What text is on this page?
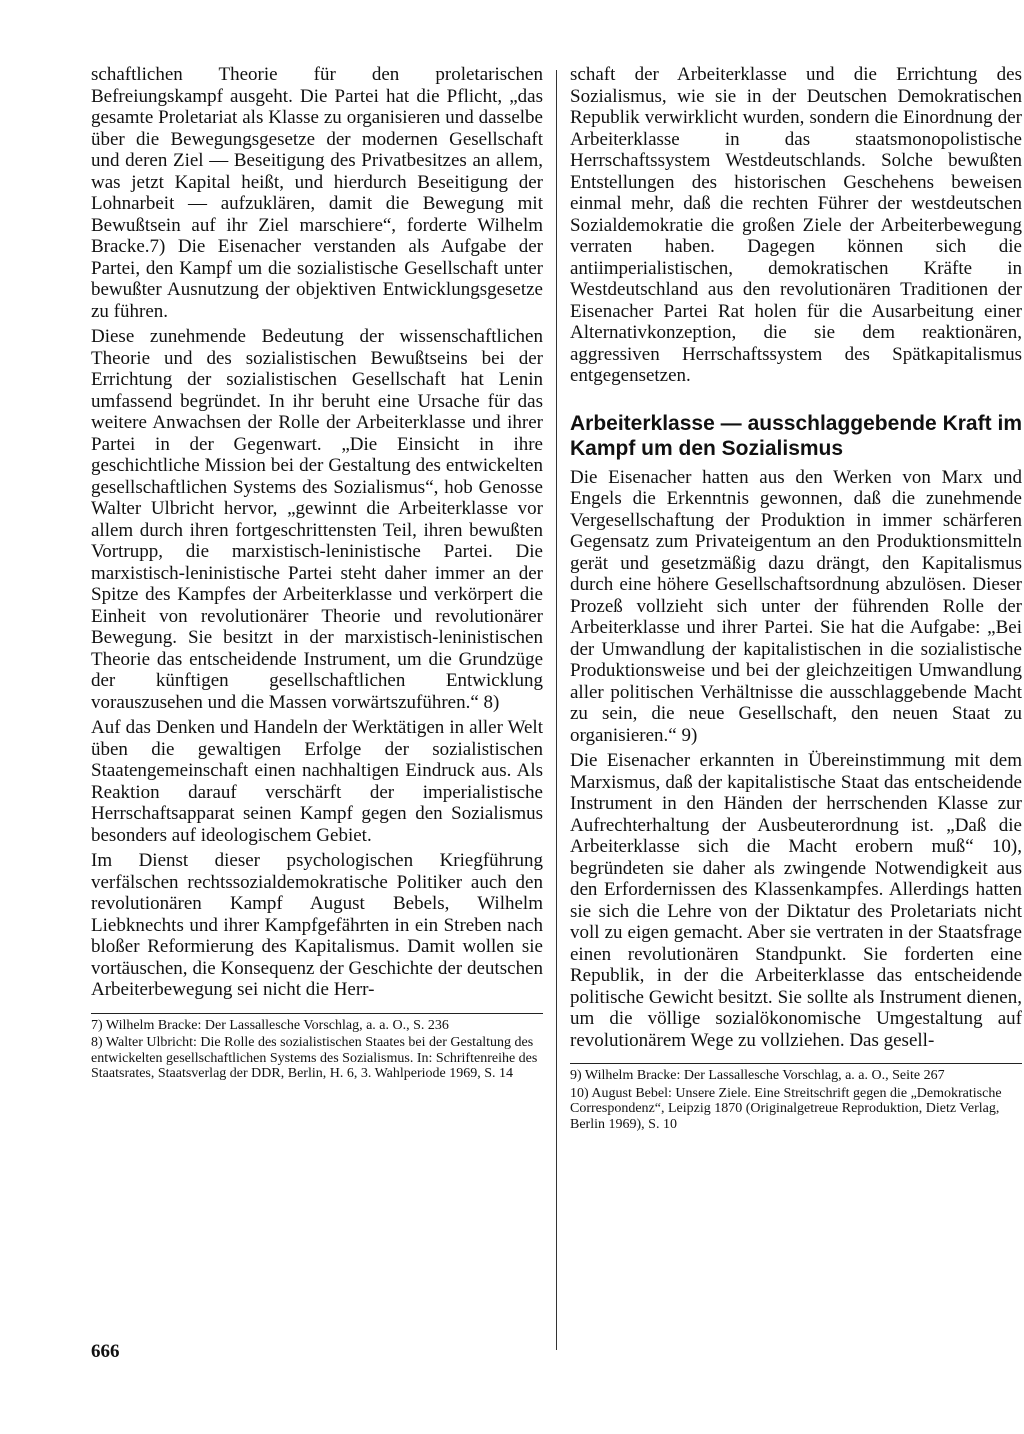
schaftlichen Theorie für den proletarischen Befreiungskampf ausgeht. Die Partei hat die Pflicht, „das gesamte Proletariat als Klasse zu organisieren und dasselbe über die Bewegungsgesetze der modernen Gesellschaft und deren Ziel — Beseitigung des Privatbesitzes an allem, was jetzt Kapital heißt, und hierdurch Beseitigung der Lohnarbeit — aufzuklären, damit die Bewegung mit Bewußtsein auf ihr Ziel marschiere“, forderte Wilhelm Bracke.7) Die Eisenacher verstanden als Aufgabe der Partei, den Kampf um die sozialistische Gesellschaft unter bewußter Ausnutzung der objektiven Entwicklungsgesetze zu führen.

Diese zunehmende Bedeutung der wissenschaftlichen Theorie und des sozialistischen Bewußtseins bei der Errichtung der sozialistischen Gesellschaft hat Lenin umfassend begründet. In ihr beruht eine Ursache für das weitere Anwachsen der Rolle der Arbeiterklasse und ihrer Partei in der Gegenwart. „Die Einsicht in ihre geschichtliche Mission bei der Gestaltung des entwickelten gesellschaftlichen Systems des Sozialismus“, hob Genosse Walter Ulbricht hervor, „gewinnt die Arbeiterklasse vor allem durch ihren fortgeschrittensten Teil, ihren bewußten Vortrupp, die marxistisch-leninistische Partei. Die marxistisch-leninistische Partei steht daher immer an der Spitze des Kampfes der Arbeiterklasse und verkörpert die Einheit von revolutionärer Theorie und revolutionärer Bewegung. Sie besitzt in der marxistisch-leninistischen Theorie das entscheidende Instrument, um die Grundzüge der künftigen gesellschaftlichen Entwicklung vorauszusehen und die Massen vorwärtszuführen.“ 8)

Auf das Denken und Handeln der Werktätigen in aller Welt üben die gewaltigen Erfolge der sozialistischen Staatengemeinschaft einen nachhaltigen Eindruck aus. Als Reaktion darauf verschärft der imperialistische Herrschaftsapparat seinen Kampf gegen den Sozialismus besonders auf ideologischem Gebiet.

Im Dienst dieser psychologischen Kriegführung verfälschen rechtssozialdemokratische Politiker auch den revolutionären Kampf August Bebels, Wilhelm Liebknechts und ihrer Kampfgefährten in ein Streben nach bloßer Reformierung des Kapitalismus. Damit wollen sie vortäuschen, die Konsequenz der Geschichte der deutschen Arbeiterbewegung sei nicht die Herr-

7) Wilhelm Bracke: Der Lassallesche Vorschlag, a. a. O., S. 236

8) Walter Ulbricht: Die Rolle des sozialistischen Staates bei der Gestaltung des entwickelten gesellschaftlichen Systems des Sozialismus. In: Schriftenreihe des Staatsrates, Staatsverlag der DDR, Berlin, H. 6, 3. Wahlperiode 1969, S. 14

schaft der Arbeiterklasse und die Errichtung des Sozialismus, wie sie in der Deutschen Demokratischen Republik verwirklicht wurden, sondern die Einordnung der Arbeiterklasse in das staatsmonopolistische Herrschaftssystem Westdeutschlands. Solche bewußten Entstellungen des historischen Geschehens beweisen einmal mehr, daß die rechten Führer der westdeutschen Sozialdemokratie die großen Ziele der Arbeiterbewegung verraten haben. Dagegen können sich die antiimperialistischen, demokratischen Kräfte in Westdeutschland aus den revolutionären Traditionen der Eisenacher Partei Rat holen für die Ausarbeitung einer Alternativkonzeption, die sie dem reaktionären, aggressiven Herrschaftssystem des Spätkapitalismus entgegensetzen.

Arbeiterklasse — ausschlaggebende Kraft im Kampf um den Sozialismus

Die Eisenacher hatten aus den Werken von Marx und Engels die Erkenntnis gewonnen, daß die zunehmende Vergesellschaftung der Produktion in immer schärferen Gegensatz zum Privateigentum an den Produktionsmitteln gerät und gesetzmäßig dazu drängt, den Kapitalismus durch eine höhere Gesellschaftsordnung abzulösen. Dieser Prozeß vollzieht sich unter der führenden Rolle der Arbeiterklasse und ihrer Partei. Sie hat die Aufgabe: „Bei der Umwandlung der kapitalistischen in die sozialistische Produktionsweise und bei der gleichzeitigen Umwandlung aller politischen Verhältnisse die ausschlaggebende Macht zu sein, die neue Gesellschaft, den neuen Staat zu organisieren.“ 9)

Die Eisenacher erkannten in Übereinstimmung mit dem Marxismus, daß der kapitalistische Staat das entscheidende Instrument in den Händen der herrschenden Klasse zur Aufrechterhaltung der Ausbeuterordnung ist. „Daß die Arbeiterklasse sich die Macht erobern muß“ 10), begründeten sie daher als zwingende Notwendigkeit aus den Erfordernissen des Klassenkampfes. Allerdings hatten sie sich die Lehre von der Diktatur des Proletariats nicht voll zu eigen gemacht. Aber sie vertraten in der Staatsfrage einen revolutionären Standpunkt. Sie forderten eine Republik, in der die Arbeiterklasse das entscheidende politische Gewicht besitzt. Sie sollte als Instrument dienen, um die völlige sozialökonomische Umgestaltung auf revolutionärem Wege zu vollziehen. Das gesell-

9) Wilhelm Bracke: Der Lassallesche Vorschlag, a. a. O., Seite 267

10) August Bebel: Unsere Ziele. Eine Streitschrift gegen die „Demokratische Correspondenz“, Leipzig 1870 (Originalgetreue Reproduktion, Dietz Verlag, Berlin 1969), S. 10

666
